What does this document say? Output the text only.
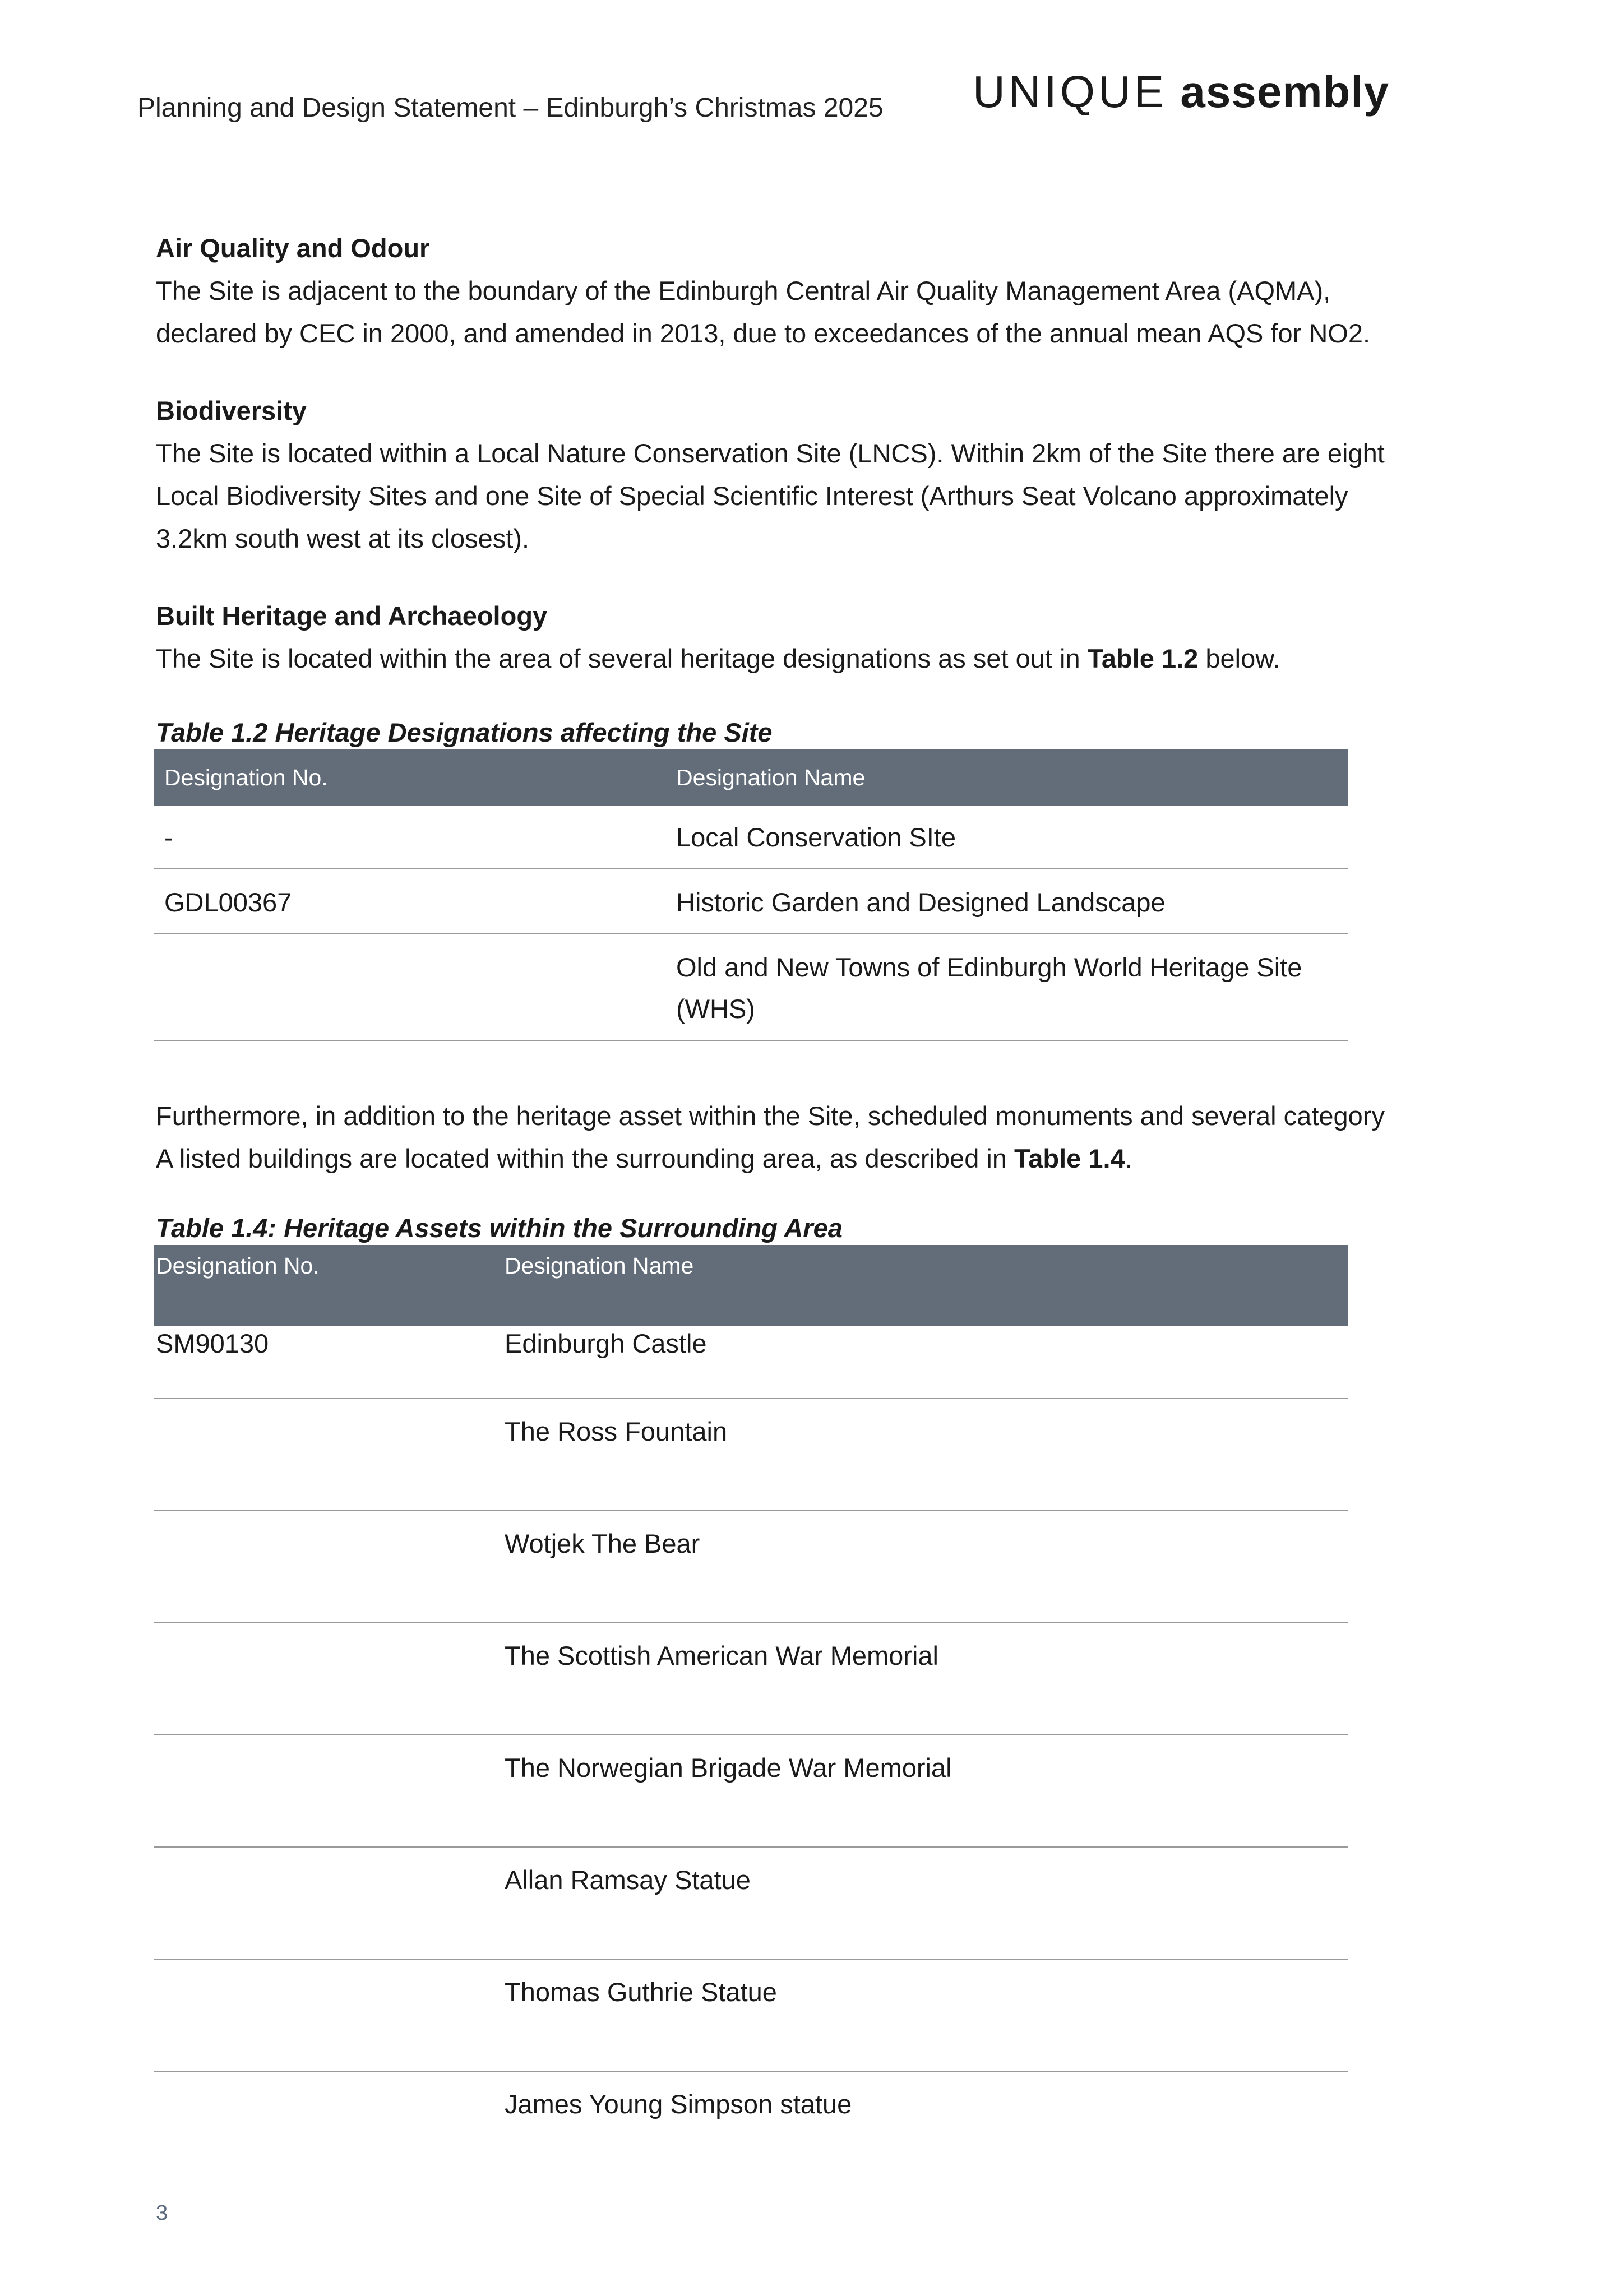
Planning and Design Statement – Edinburgh’s Christmas 2025 UNIQUE assembly

Air Quality and Odour

The Site is adjacent to the boundary of the Edinburgh Central Air Quality Management Area (AQMA),

declared by CEC in 2000, and amended in 2013, due to exceedances of the annual mean AQS for NO2.

Biodiversity

The Site is located within a Local Nature Conservation Site (LNCS). Within 2km of the Site there are eight

Local Biodiversity Sites and one Site of Special Scientific Interest (Arthurs Seat Volcano approximately

3.2km south west at its closest).

Built Heritage and Archaeology

The Site is located within the area of several heritage designations as set out in Table 1.2 below.

Table 1.2 Heritage Designations affecting the Site

Designation No.	Designation Name
-	Local Conservation SIte
GDL00367	Historic Garden and Designed Landscape
	Old and New Towns of Edinburgh World Heritage Site (WHS)

Furthermore, in addition to the heritage asset within the Site, scheduled monuments and several category

A listed buildings are located within the surrounding area, as described in Table 1.4.

Table 1.4: Heritage Assets within the Surrounding Area

Designation No.	Designation Name
SM90130	Edinburgh Castle
	The Ross Fountain
	Wotjek The Bear
	The Scottish American War Memorial
	The Norwegian Brigade War Memorial
	Allan Ramsay Statue
	Thomas Guthrie Statue
	James Young Simpson statue
3
